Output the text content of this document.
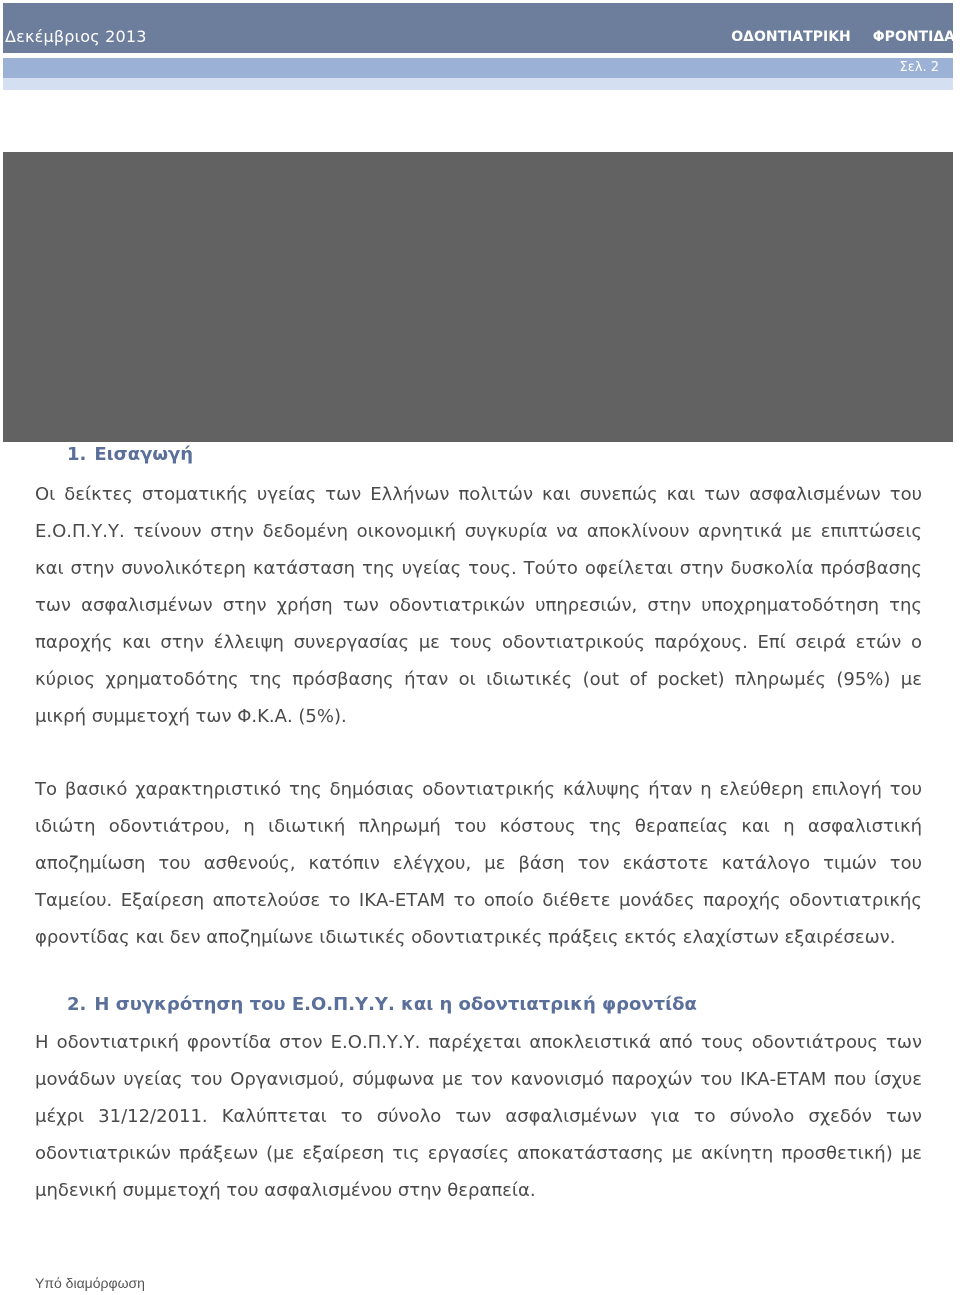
Δεκέμβριος 2013	ΟΔΟΝΤΙΑΤΡΙΚΗ ΦΡΟΝΤΙΔΑ
Σελ. 2
1. Εισαγωγή

Οι δείκτες στοματικής υγείας των Ελλήνων πολιτών και συνεπώς και των ασφαλισμένων του Ε.Ο.Π.Υ.Υ. τείνουν στην δεδομένη οικονομική συγκυρία να αποκλίνουν αρνητικά με επιπτώσεις και στην συνολικότερη κατάσταση της υγείας τους. Τούτο οφείλεται στην δυσκολία πρόσβασης των ασφαλισμένων στην χρήση των οδοντιατρικών υπηρεσιών, στην υποχρηματοδότηση της παροχής και στην έλλειψη συνεργασίας με τους οδοντιατρικούς παρόχους. Επί σειρά ετών ο κύριος χρηματοδότης της πρόσβασης ήταν οι ιδιωτικές (out of pocket) πληρωμές (95%) με μικρή συμμετοχή των Φ.Κ.Α. (5%).

Το βασικό χαρακτηριστικό της δημόσιας οδοντιατρικής κάλυψης ήταν η ελεύθερη επιλογή του ιδιώτη οδοντιάτρου, η ιδιωτική πληρωμή του κόστους της θεραπείας και η ασφαλιστική αποζημίωση του ασθενούς, κατόπιν ελέγχου, με βάση τον εκάστοτε κατάλογο τιμών του Ταμείου. Εξαίρεση αποτελούσε το ΙΚΑ-ΕΤΑΜ το οποίο διέθετε μονάδες παροχής οδοντιατρικής φροντίδας και δεν αποζημίωνε ιδιωτικές οδοντιατρικές πράξεις εκτός ελαχίστων εξαιρέσεων.

2. Η συγκρότηση του Ε.Ο.Π.Υ.Υ. και η οδοντιατρική φροντίδα

Η οδοντιατρική φροντίδα στον Ε.Ο.Π.Υ.Υ. παρέχεται αποκλειστικά από τους οδοντιάτρους των μονάδων υγείας του Οργανισμού, σύμφωνα με τον κανονισμό παροχών του ΙΚΑ-ΕΤΑΜ που ίσχυε μέχρι 31/12/2011. Καλύπτεται το σύνολο των ασφαλισμένων για το σύνολο σχεδόν των οδοντιατρικών πράξεων (με εξαίρεση τις εργασίες αποκατάστασης με ακίνητη προσθετική) με μηδενική συμμετοχή του ασφαλισμένου στην θεραπεία.

Υπό διαμόρφωση
